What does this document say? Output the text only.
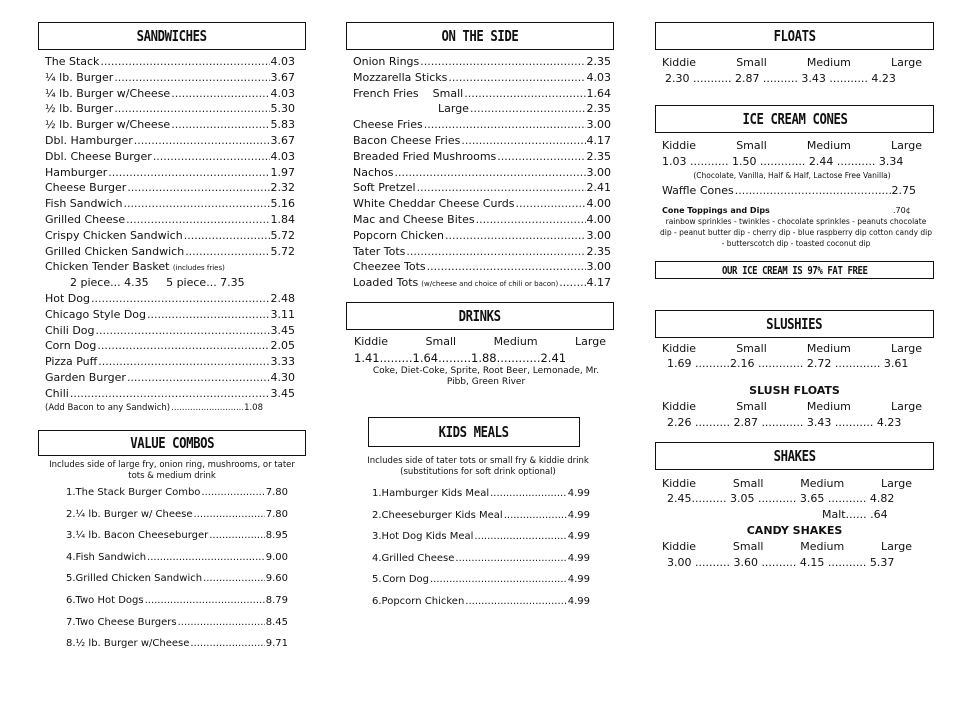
SANDWICHES
The Stack .....	4.03
¼ lb. Burger .....	3.67
¼ lb. Burger w/Cheese .....	4.03
½ lb. Burger .....	5.30
½ lb. Burger w/Cheese .....	5.83
Dbl. Hamburger .....	3.67
Dbl. Cheese Burger .....	4.03
Hamburger .....	1.97
Cheese Burger .....	2.32
Fish Sandwich .....	5.16
Grilled Cheese .....	1.84
Crispy Chicken Sandwich .....	5.72
Grilled Chicken Sandwich .....	5.72
Chicken Tender Basket (includes fries)
2 piece... 4.35     5 piece... 7.35
Hot Dog .....	2.48
Chicago Style Dog .....	3.11
Chili Dog .....	3.45
Corn Dog .....	2.05
Pizza Puff .....	3.33
Garden Burger .....	4.30
Chili .....	3.45
(Add Bacon to any Sandwich) .....	1.08
VALUE COMBOS
Includes side of large fry, onion ring, mushrooms, or tater tots & medium drink
1. The Stack Burger Combo .....	7.80
2. ¼ lb. Burger w/ Cheese .....	7.80
3. ¼ lb. Bacon Cheeseburger .....	8.95
4. Fish Sandwich .....	9.00
5. Grilled Chicken Sandwich .....	9.60
6. Two Hot Dogs .....	8.79
7. Two Cheese Burgers .....	8.45
8. ½ lb. Burger w/Cheese .....	9.71
ON THE SIDE
Onion Rings .....	2.35
Mozzarella Sticks .....	4.03
French Fries    Small .....	1.64
Large .....	2.35
Cheese Fries .....	3.00
Bacon Cheese Fries .....	4.17
Breaded Fried Mushrooms .....	2.35
Nachos .....	3.00
Soft Pretzel .....	2.41
White Cheddar Cheese Curds .....	4.00
Mac and Cheese Bites .....	4.00
Popcorn Chicken .....	3.00
Tater Tots .....	2.35
Cheezee Tots .....	3.00
Loaded Tots (w/cheese and choice of chili or bacon) .....	4.17
DRINKS
Kiddie	Small	Medium	Large
1.41.........1.64.........1.88............2.41
Coke, Diet-Coke, Sprite, Root Beer, Lemonade, Mr. Pibb, Green River
KIDS MEALS
Includes side of tater tots or small fry & kiddie drink (substitutions for soft drink optional)
1. Hamburger Kids Meal .....	4.99
2. Cheeseburger Kids Meal .....	4.99
3. Hot Dog Kids Meal .....	4.99
4. Grilled Cheese .....	4.99
5. Corn Dog .....	4.99
6. Popcorn Chicken .....	4.99
FLOATS
Kiddie	Small	Medium	Large
2.30 ........... 2.87 .......... 3.43 ........... 4.23
ICE CREAM CONES
Kiddie	Small	Medium	Large
1.03 ........... 1.50 ............. 2.44 ........... 3.34
(Chocolate, Vanilla, Half & Half, Lactose Free Vanilla)
Waffle Cones .....	2.75
Cone Toppings and Dips	.70¢
rainbow sprinkles - twinkles - chocolate sprinkles - peanuts chocolate dip - peanut butter dip - cherry dip - blue raspberry dip cotton candy dip - butterscotch dip - toasted coconut dip
OUR ICE CREAM IS 97% FAT FREE
SLUSHIES
Kiddie	Small	Medium	Large
1.69 ..........2.16 ............. 2.72 ............. 3.61
SLUSH FLOATS
Kiddie	Small	Medium	Large
2.26 .......... 2.87 ............ 3.43 ........... 4.23
SHAKES
Kiddie	Small	Medium	Large
2.45.......... 3.05 ........... 3.65 ........... 4.82
Malt...... .64
CANDY SHAKES
Kiddie	Small	Medium	Large
3.00 .......... 3.60 .......... 4.15 ........... 5.37
